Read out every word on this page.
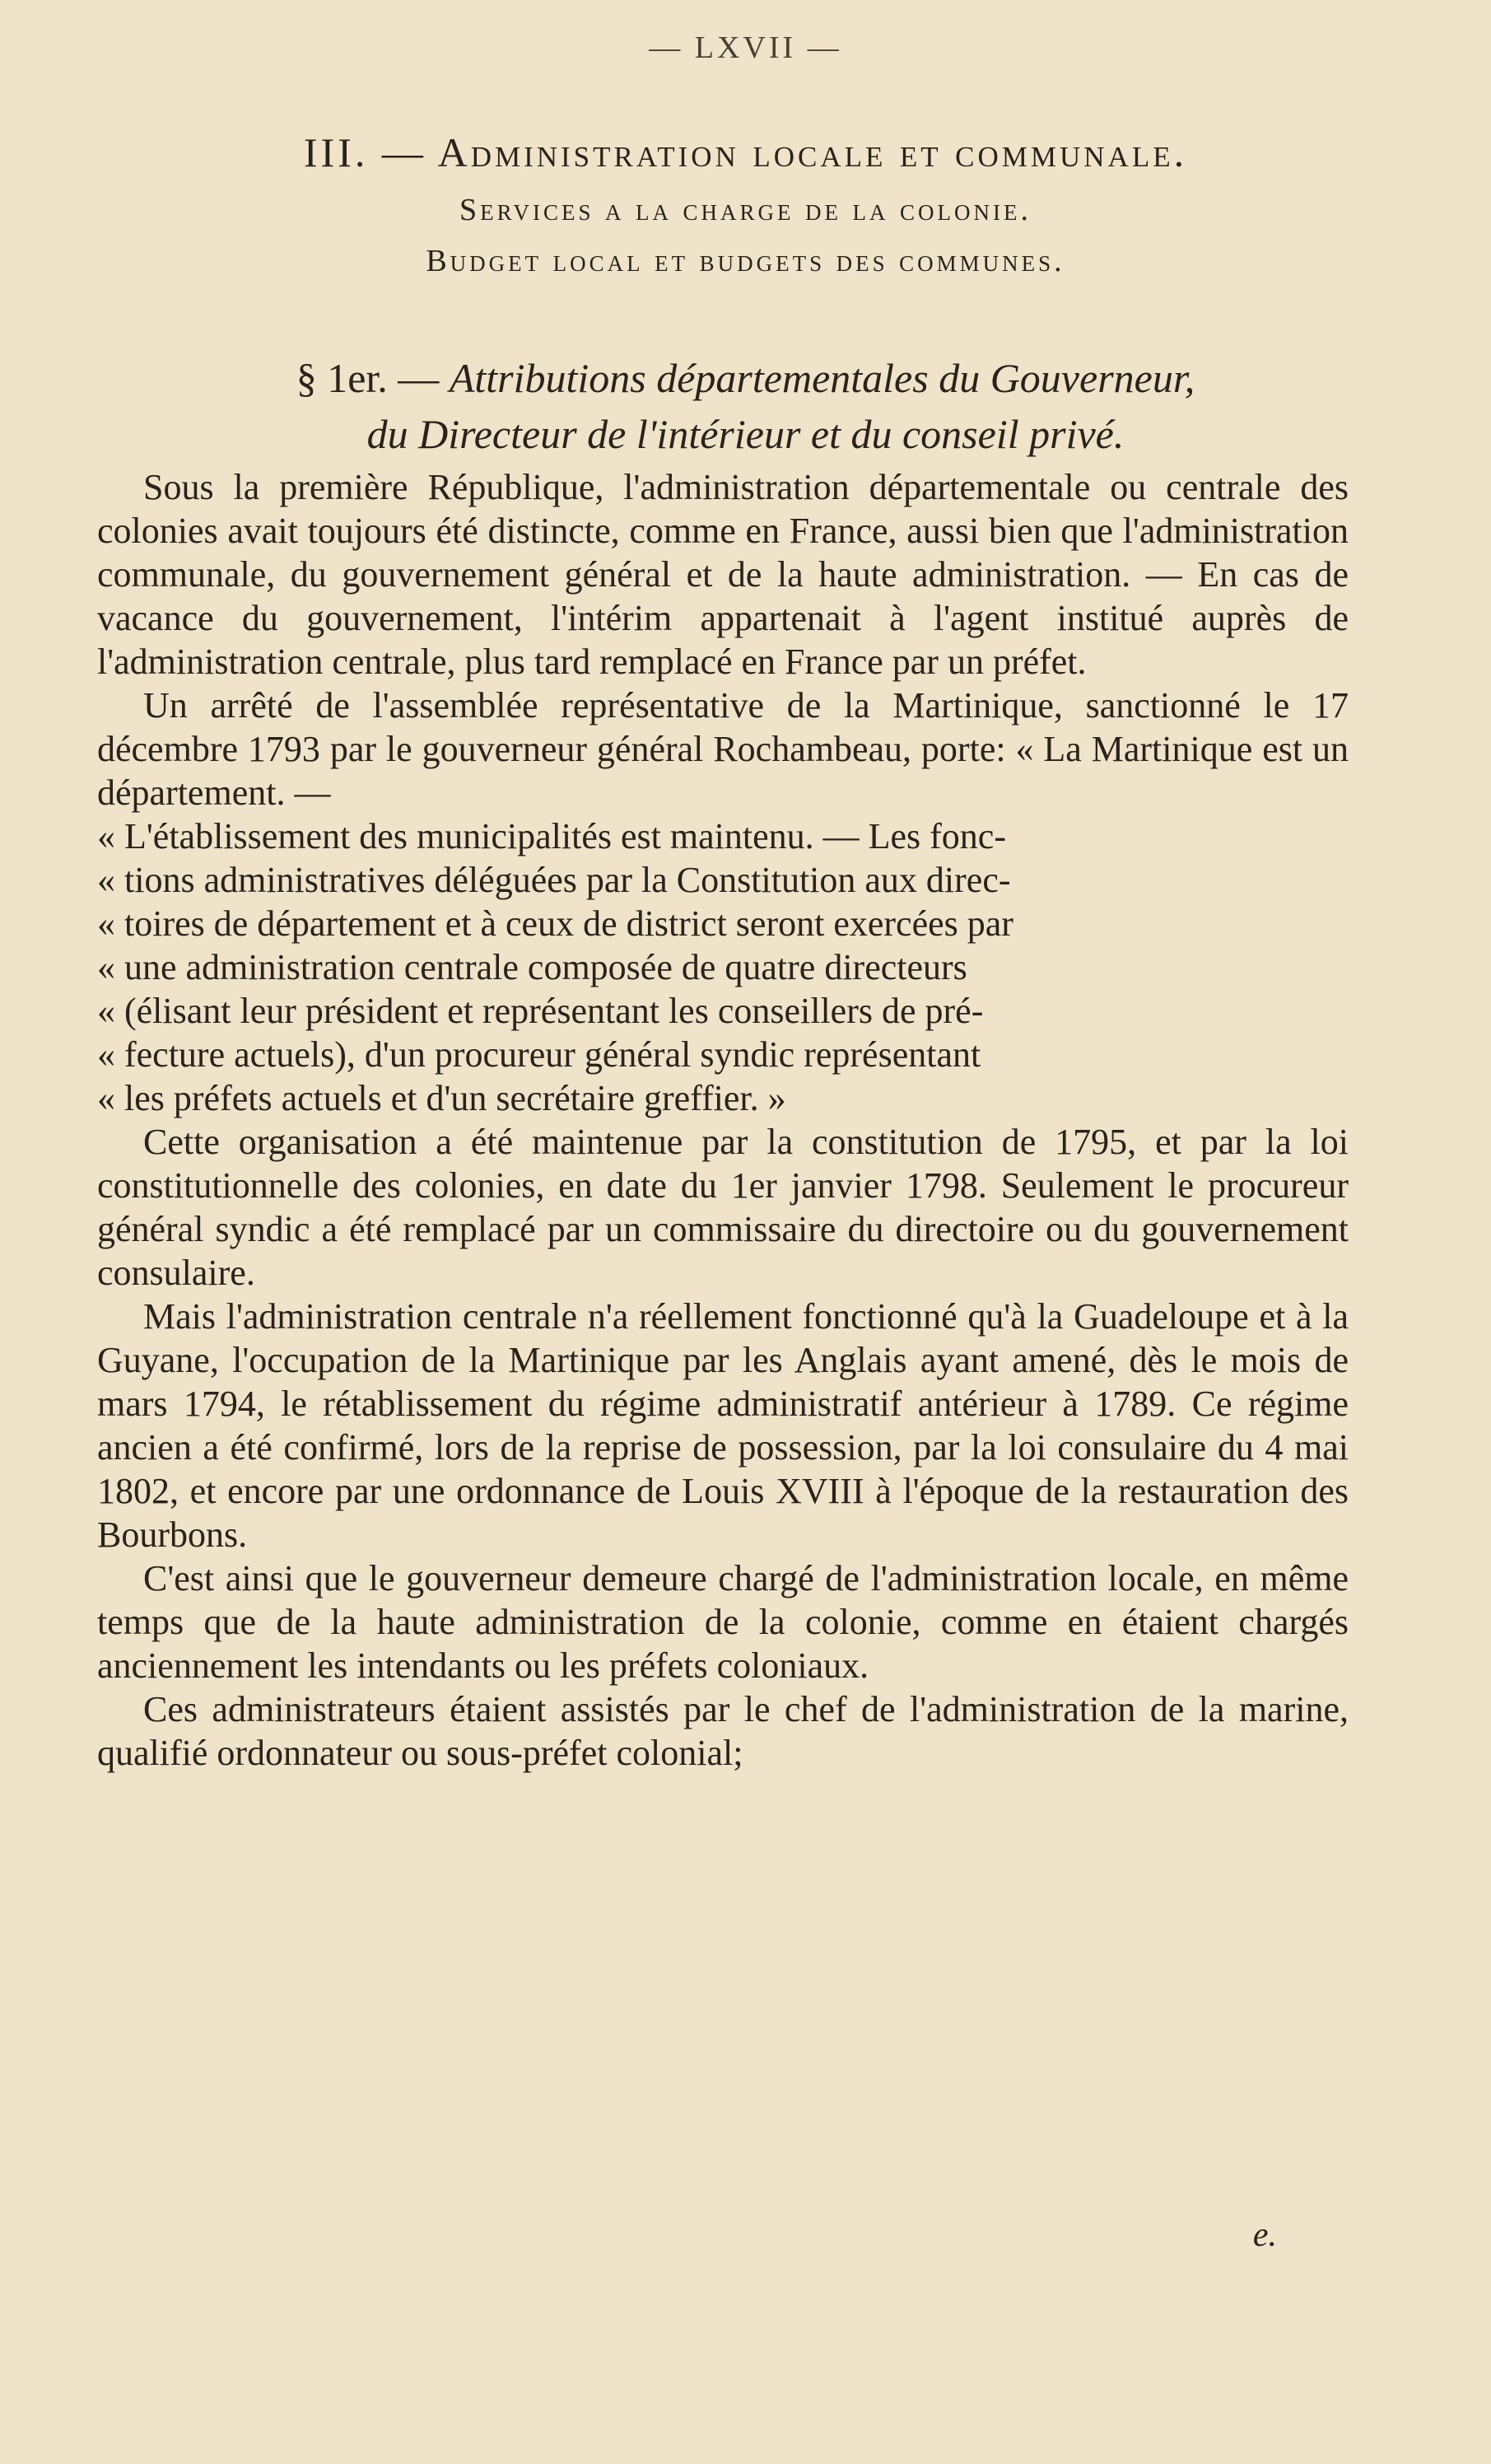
— LXVII —
III. — Administration locale et communale.
Services a la charge de la colonie.
Budget local et budgets des communes.
§ 1er. — Attributions départementales du Gouverneur,
du Directeur de l'intérieur et du conseil privé.

Sous la première République, l'administration départementale ou centrale des colonies avait toujours été distincte, comme en France, aussi bien que l'administration communale, du gouvernement général et de la haute administration. — En cas de vacance du gouvernement, l'intérim appartenait à l'agent institué auprès de l'administration centrale, plus tard remplacé en France par un préfet.

Un arrêté de l'assemblée représentative de la Martinique, sanctionné le 17 décembre 1793 par le gouverneur général Rochambeau, porte: « La Martinique est un département. —

« L'établissement des municipalités est maintenu. — Les fonc-
« tions administratives déléguées par la Constitution aux direc-
« toires de département et à ceux de district seront exercées par
« une administration centrale composée de quatre directeurs
« (élisant leur président et représentant les conseillers de pré-
« fecture actuels), d'un procureur général syndic représentant
« les préfets actuels et d'un secrétaire greffier. »

Cette organisation a été maintenue par la constitution de 1795, et par la loi constitutionnelle des colonies, en date du 1er janvier 1798. Seulement le procureur général syndic a été remplacé par un commissaire du directoire ou du gouvernement consulaire.

Mais l'administration centrale n'a réellement fonctionné qu'à la Guadeloupe et à la Guyane, l'occupation de la Martinique par les Anglais ayant amené, dès le mois de mars 1794, le rétablissement du régime administratif antérieur à 1789. Ce régime ancien a été confirmé, lors de la reprise de possession, par la loi consulaire du 4 mai 1802, et encore par une ordonnance de Louis XVIII à l'époque de la restauration des Bourbons.

C'est ainsi que le gouverneur demeure chargé de l'administration locale, en même temps que de la haute administration de la colonie, comme en étaient chargés anciennement les intendants ou les préfets coloniaux.

Ces administrateurs étaient assistés par le chef de l'administration de la marine, qualifié ordonnateur ou sous-préfet colonial;

e.
